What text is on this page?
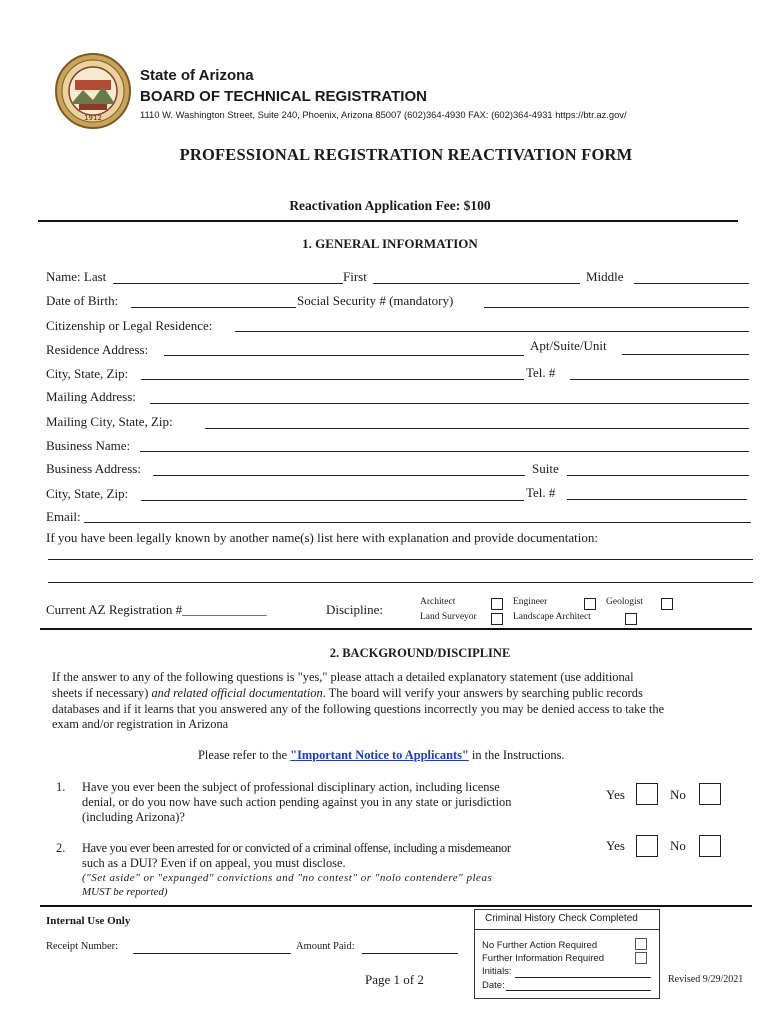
1912
State of Arizona
BOARD OF TECHNICAL REGISTRATION
1110 W. Washington Street, Suite 240, Phoenix, Arizona 85007 (602)364-4930 FAX: (602)364-4931 https://btr.az.gov/
PROFESSIONAL REGISTRATION REACTIVATION FORM
Reactivation Application Fee: $100
1. GENERAL INFORMATION
Name: Last	First	Middle
Date of Birth:	Social Security # (mandatory)
Citizenship or Legal Residence:
Residence Address:	Apt/Suite/Unit
City, State, Zip:	Tel. #
Mailing Address:
Mailing City, State, Zip:
Business Name:
Business Address:	Suite
City, State, Zip:	Tel. #
Email:
If you have been legally known by another name(s) list here with explanation and provide documentation:
Current AZ Registration #_____________	Discipline:	Architect	Engineer	Geologist
Land Surveyor	Landscape Architect
2. BACKGROUND/DISCIPLINE
If the answer to any of the following questions is "yes," please attach a detailed explanatory statement (use additional
sheets if necessary) and related official documentation. The board will verify your answers by searching public records
databases and if it learns that you answered any of the following questions incorrectly you may be denied access to take the
exam and/or registration in Arizona
Please refer to the "Important Notice to Applicants" in the Instructions.
1. Have you ever been the subject of professional disciplinary action, including license
denial, or do you now have such action pending against you in any state or jurisdiction
(including Arizona)?
Yes	No
2. Have you ever been arrested for or convicted of a criminal offense, including a misdemeanor
such as a DUI? Even if on appeal, you must disclose.
("Set aside" or "expunged" convictions and "no contest" or "nolo contendere" pleas
MUST be reported)
Yes	No
Internal Use Only
Receipt Number:	Amount Paid:
Page 1 of 2
Criminal History Check Completed
No Further Action Required
Further Information Required
Initials:
Date:
Revised 9/29/2021
